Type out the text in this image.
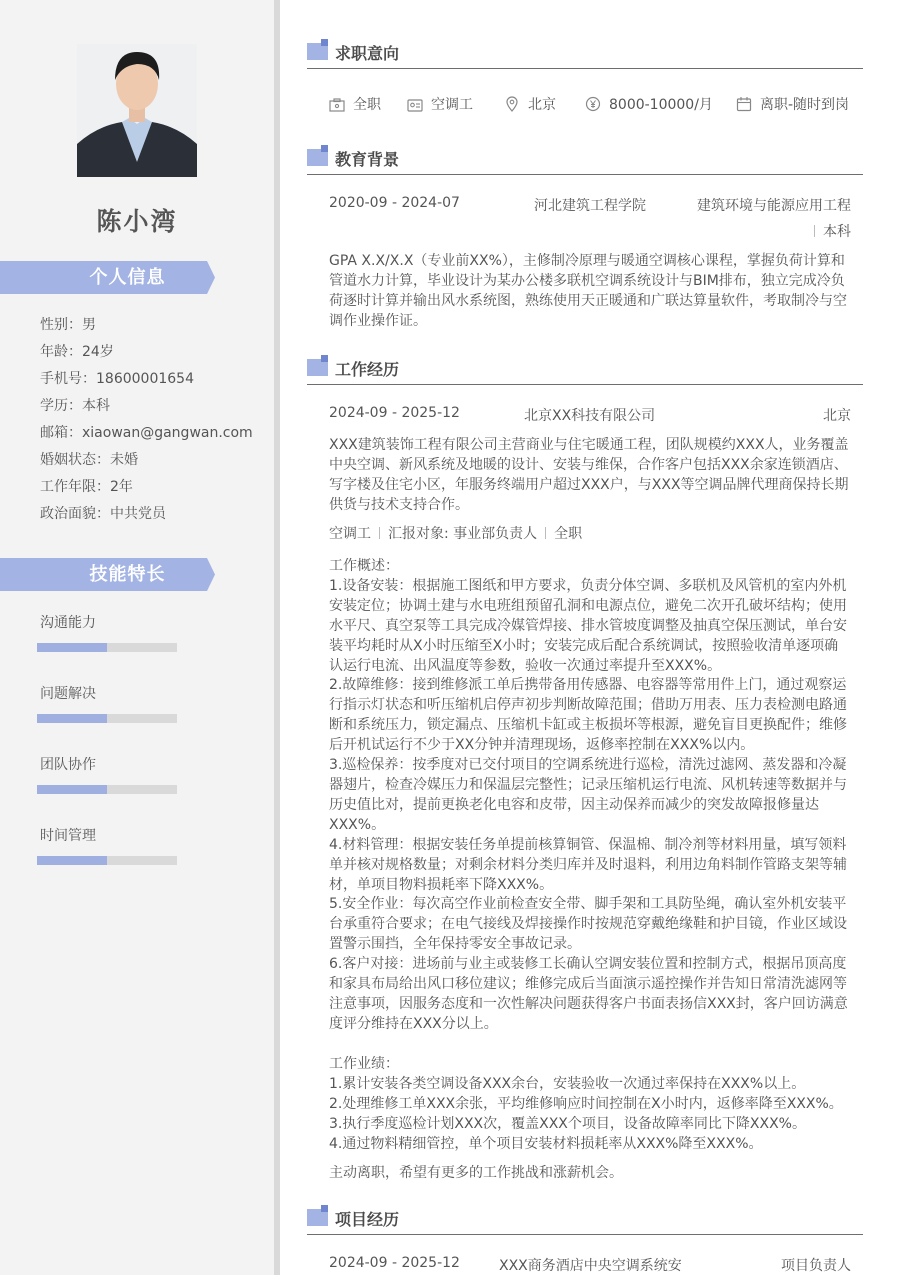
陈小湾
个人信息
性别：男
年龄：24岁
手机号：18600001654
学历：本科
邮箱：xiaowan@gangwan.com
婚姻状态：未婚
工作年限：2年
政治面貌：中共党员
技能特长
沟通能力
问题解决
团队协作
时间管理
求职意向
全职	空调工	北京	8000-10000/月	离职-随时到岗
教育背景
2020-09 - 2024-07	河北建筑工程学院	建筑环境与能源应用工程
本科
GPA X.X/X.X（专业前XX%），主修制冷原理与暖通空调核心课程，掌握负荷计算和
管道水力计算，毕业设计为某办公楼多联机空调系统设计与BIM排布，独立完成冷负
荷逐时计算并输出风水系统图，熟练使用天正暖通和广联达算量软件，考取制冷与空
调作业操作证。
工作经历
2024-09 - 2025-12	北京XX科技有限公司	北京
XXX建筑装饰工程有限公司主营商业与住宅暖通工程，团队规模约XXX人，业务覆盖
中央空调、新风系统及地暖的设计、安装与维保，合作客户包括XXX余家连锁酒店、
写字楼及住宅小区，年服务终端用户超过XXX户，与XXX等空调品牌代理商保持长期
供货与技术支持合作。
空调工 汇报对象: 事业部负责人 全职
工作概述：
1.设备安装：根据施工图纸和甲方要求，负责分体空调、多联机及风管机的室内外机
安装定位；协调土建与水电班组预留孔洞和电源点位，避免二次开孔破坏结构；使用
水平尺、真空泵等工具完成冷媒管焊接、排水管坡度调整及抽真空保压测试，单台安
装平均耗时从X小时压缩至X小时；安装完成后配合系统调试，按照验收清单逐项确
认运行电流、出风温度等参数，验收一次通过率提升至XXX%。
2.故障维修：接到维修派工单后携带备用传感器、电容器等常用件上门，通过观察运
行指示灯状态和听压缩机启停声初步判断故障范围；借助万用表、压力表检测电路通
断和系统压力，锁定漏点、压缩机卡缸或主板损坏等根源，避免盲目更换配件；维修
后开机试运行不少于XX分钟并清理现场，返修率控制在XXX%以内。
3.巡检保养：按季度对已交付项目的空调系统进行巡检，清洗过滤网、蒸发器和冷凝
器翅片，检查冷媒压力和保温层完整性；记录压缩机运行电流、风机转速等数据并与
历史值比对，提前更换老化电容和皮带，因主动保养而减少的突发故障报修量达
XXX%。
4.材料管理：根据安装任务单提前核算铜管、保温棉、制冷剂等材料用量，填写领料
单并核对规格数量；对剩余材料分类归库并及时退料，利用边角料制作管路支架等辅
材，单项目物料损耗率下降XXX%。
5.安全作业：每次高空作业前检查安全带、脚手架和工具防坠绳，确认室外机安装平
台承重符合要求；在电气接线及焊接操作时按规范穿戴绝缘鞋和护目镜，作业区域设
置警示围挡，全年保持零安全事故记录。
6.客户对接：进场前与业主或装修工长确认空调安装位置和控制方式，根据吊顶高度
和家具布局给出风口移位建议；维修完成后当面演示遥控操作并告知日常清洗滤网等
注意事项，因服务态度和一次性解决问题获得客户书面表扬信XXX封，客户回访满意
度评分维持在XXX分以上。
工作业绩：
1.累计安装各类空调设备XXX余台，安装验收一次通过率保持在XXX%以上。
2.处理维修工单XXX余张，平均维修响应时间控制在X小时内，返修率降至XXX%。
3.执行季度巡检计划XXX次，覆盖XXX个项目，设备故障率同比下降XXX%。
4.通过物料精细管控，单个项目安装材料损耗率从XXX%降至XXX%。
主动离职，希望有更多的工作挑战和涨薪机会。
项目经历
2024-09 - 2025-12	XXX商务酒店中央空调系统安	项目负责人
